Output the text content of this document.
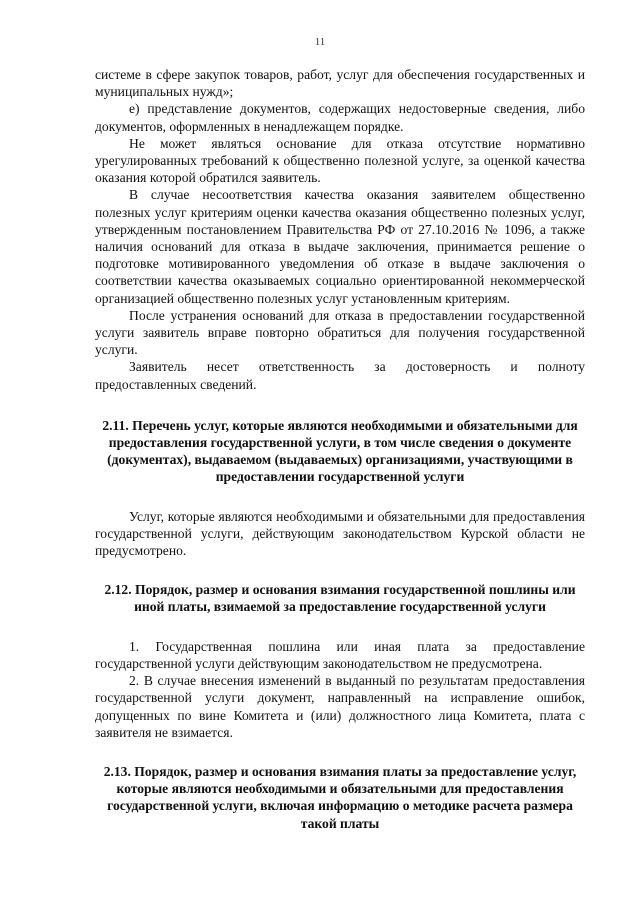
11

системе в сфере закупок товаров, работ, услуг для обеспечения государственных и муниципальных нужд»;

е) представление документов, содержащих недостоверные сведения, либо документов, оформленных в ненадлежащем порядке.

Не может являться основание для отказа отсутствие нормативно урегулированных требований к общественно полезной услуге, за оценкой качества оказания которой обратился заявитель.

В случае несоответствия качества оказания заявителем общественно полезных услуг критериям оценки качества оказания общественно полезных услуг, утвержденным постановлением Правительства РФ от 27.10.2016 № 1096, а также наличия оснований для отказа в выдаче заключения, принимается решение о подготовке мотивированного уведомления об отказе в выдаче заключения о соответствии качества оказываемых социально ориентированной некоммерческой организацией общественно полезных услуг установленным критериям.

После устранения оснований для отказа в предоставлении государственной услуги заявитель вправе повторно обратиться для получения государственной услуги.

Заявитель несет ответственность за достоверность и полноту предоставленных сведений.

2.11. Перечень услуг, которые являются необходимыми и обязательными для предоставления государственной услуги, в том числе сведения о документе (документах), выдаваемом (выдаваемых) организациями, участвующими в предоставлении государственной услуги

Услуг, которые являются необходимыми и обязательными для предоставления государственной услуги, действующим законодательством Курской области не предусмотрено.

2.12. Порядок, размер и основания взимания государственной пошлины или иной платы, взимаемой за предоставление государственной услуги

1. Государственная пошлина или иная плата за предоставление государственной услуги действующим законодательством не предусмотрена.

2. В случае внесения изменений в выданный по результатам предоставления государственной услуги документ, направленный на исправление ошибок, допущенных по вине Комитета и (или) должностного лица Комитета, плата с заявителя не взимается.

2.13. Порядок, размер и основания взимания платы за предоставление услуг, которые являются необходимыми и обязательными для предоставления государственной услуги, включая информацию о методике расчета размера такой платы
